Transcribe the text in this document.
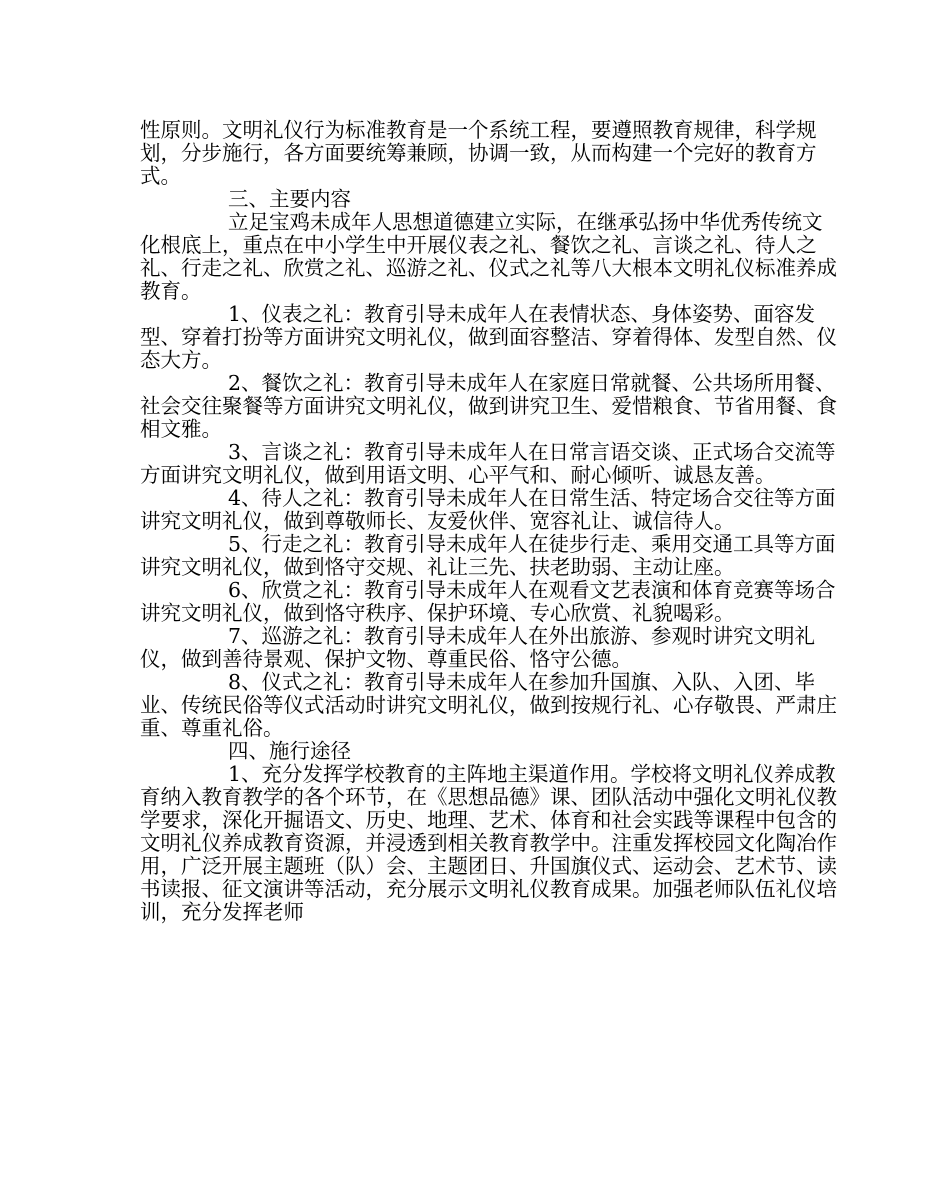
性原则。文明礼仪行为标准教育是一个系统工程，要遵照教育规律，科学规划，分步施行，各方面要统筹兼顾，协调一致，从而构建一个完好的教育方式。

三、主要内容

立足宝鸡未成年人思想道德建立实际，在继承弘扬中华优秀传统文化根底上，重点在中小学生中开展仪表之礼、餐饮之礼、言谈之礼、待人之礼、行走之礼、欣赏之礼、巡游之礼、仪式之礼等八大根本文明礼仪标准养成教育。

1、仪表之礼：教育引导未成年人在表情状态、身体姿势、面容发型、穿着打扮等方面讲究文明礼仪，做到面容整洁、穿着得体、发型自然、仪态大方。

2、餐饮之礼：教育引导未成年人在家庭日常就餐、公共场所用餐、社会交往聚餐等方面讲究文明礼仪，做到讲究卫生、爱惜粮食、节省用餐、食相文雅。

3、言谈之礼：教育引导未成年人在日常言语交谈、正式场合交流等方面讲究文明礼仪，做到用语文明、心平气和、耐心倾听、诚恳友善。

4、待人之礼：教育引导未成年人在日常生活、特定场合交往等方面讲究文明礼仪，做到尊敬师长、友爱伙伴、宽容礼让、诚信待人。

5、行走之礼：教育引导未成年人在徒步行走、乘用交通工具等方面讲究文明礼仪，做到恪守交规、礼让三先、扶老助弱、主动让座。

6、欣赏之礼：教育引导未成年人在观看文艺表演和体育竞赛等场合讲究文明礼仪，做到恪守秩序、保护环境、专心欣赏、礼貌喝彩。

7、巡游之礼：教育引导未成年人在外出旅游、参观时讲究文明礼仪，做到善待景观、保护文物、尊重民俗、恪守公德。

8、仪式之礼：教育引导未成年人在参加升国旗、入队、入团、毕业、传统民俗等仪式活动时讲究文明礼仪，做到按规行礼、心存敬畏、严肃庄重、尊重礼俗。

四、施行途径

1、充分发挥学校教育的主阵地主渠道作用。学校将文明礼仪养成教育纳入教育教学的各个环节，在《思想品德》课、团队活动中强化文明礼仪教学要求，深化开掘语文、历史、地理、艺术、体育和社会实践等课程中包含的文明礼仪养成教育资源，并浸透到相关教育教学中。注重发挥校园文化陶冶作用，广泛开展主题班（队）会、主题团日、升国旗仪式、运动会、艺术节、读书读报、征文演讲等活动，充分展示文明礼仪教育成果。加强老师队伍礼仪培训，充分发挥老师
